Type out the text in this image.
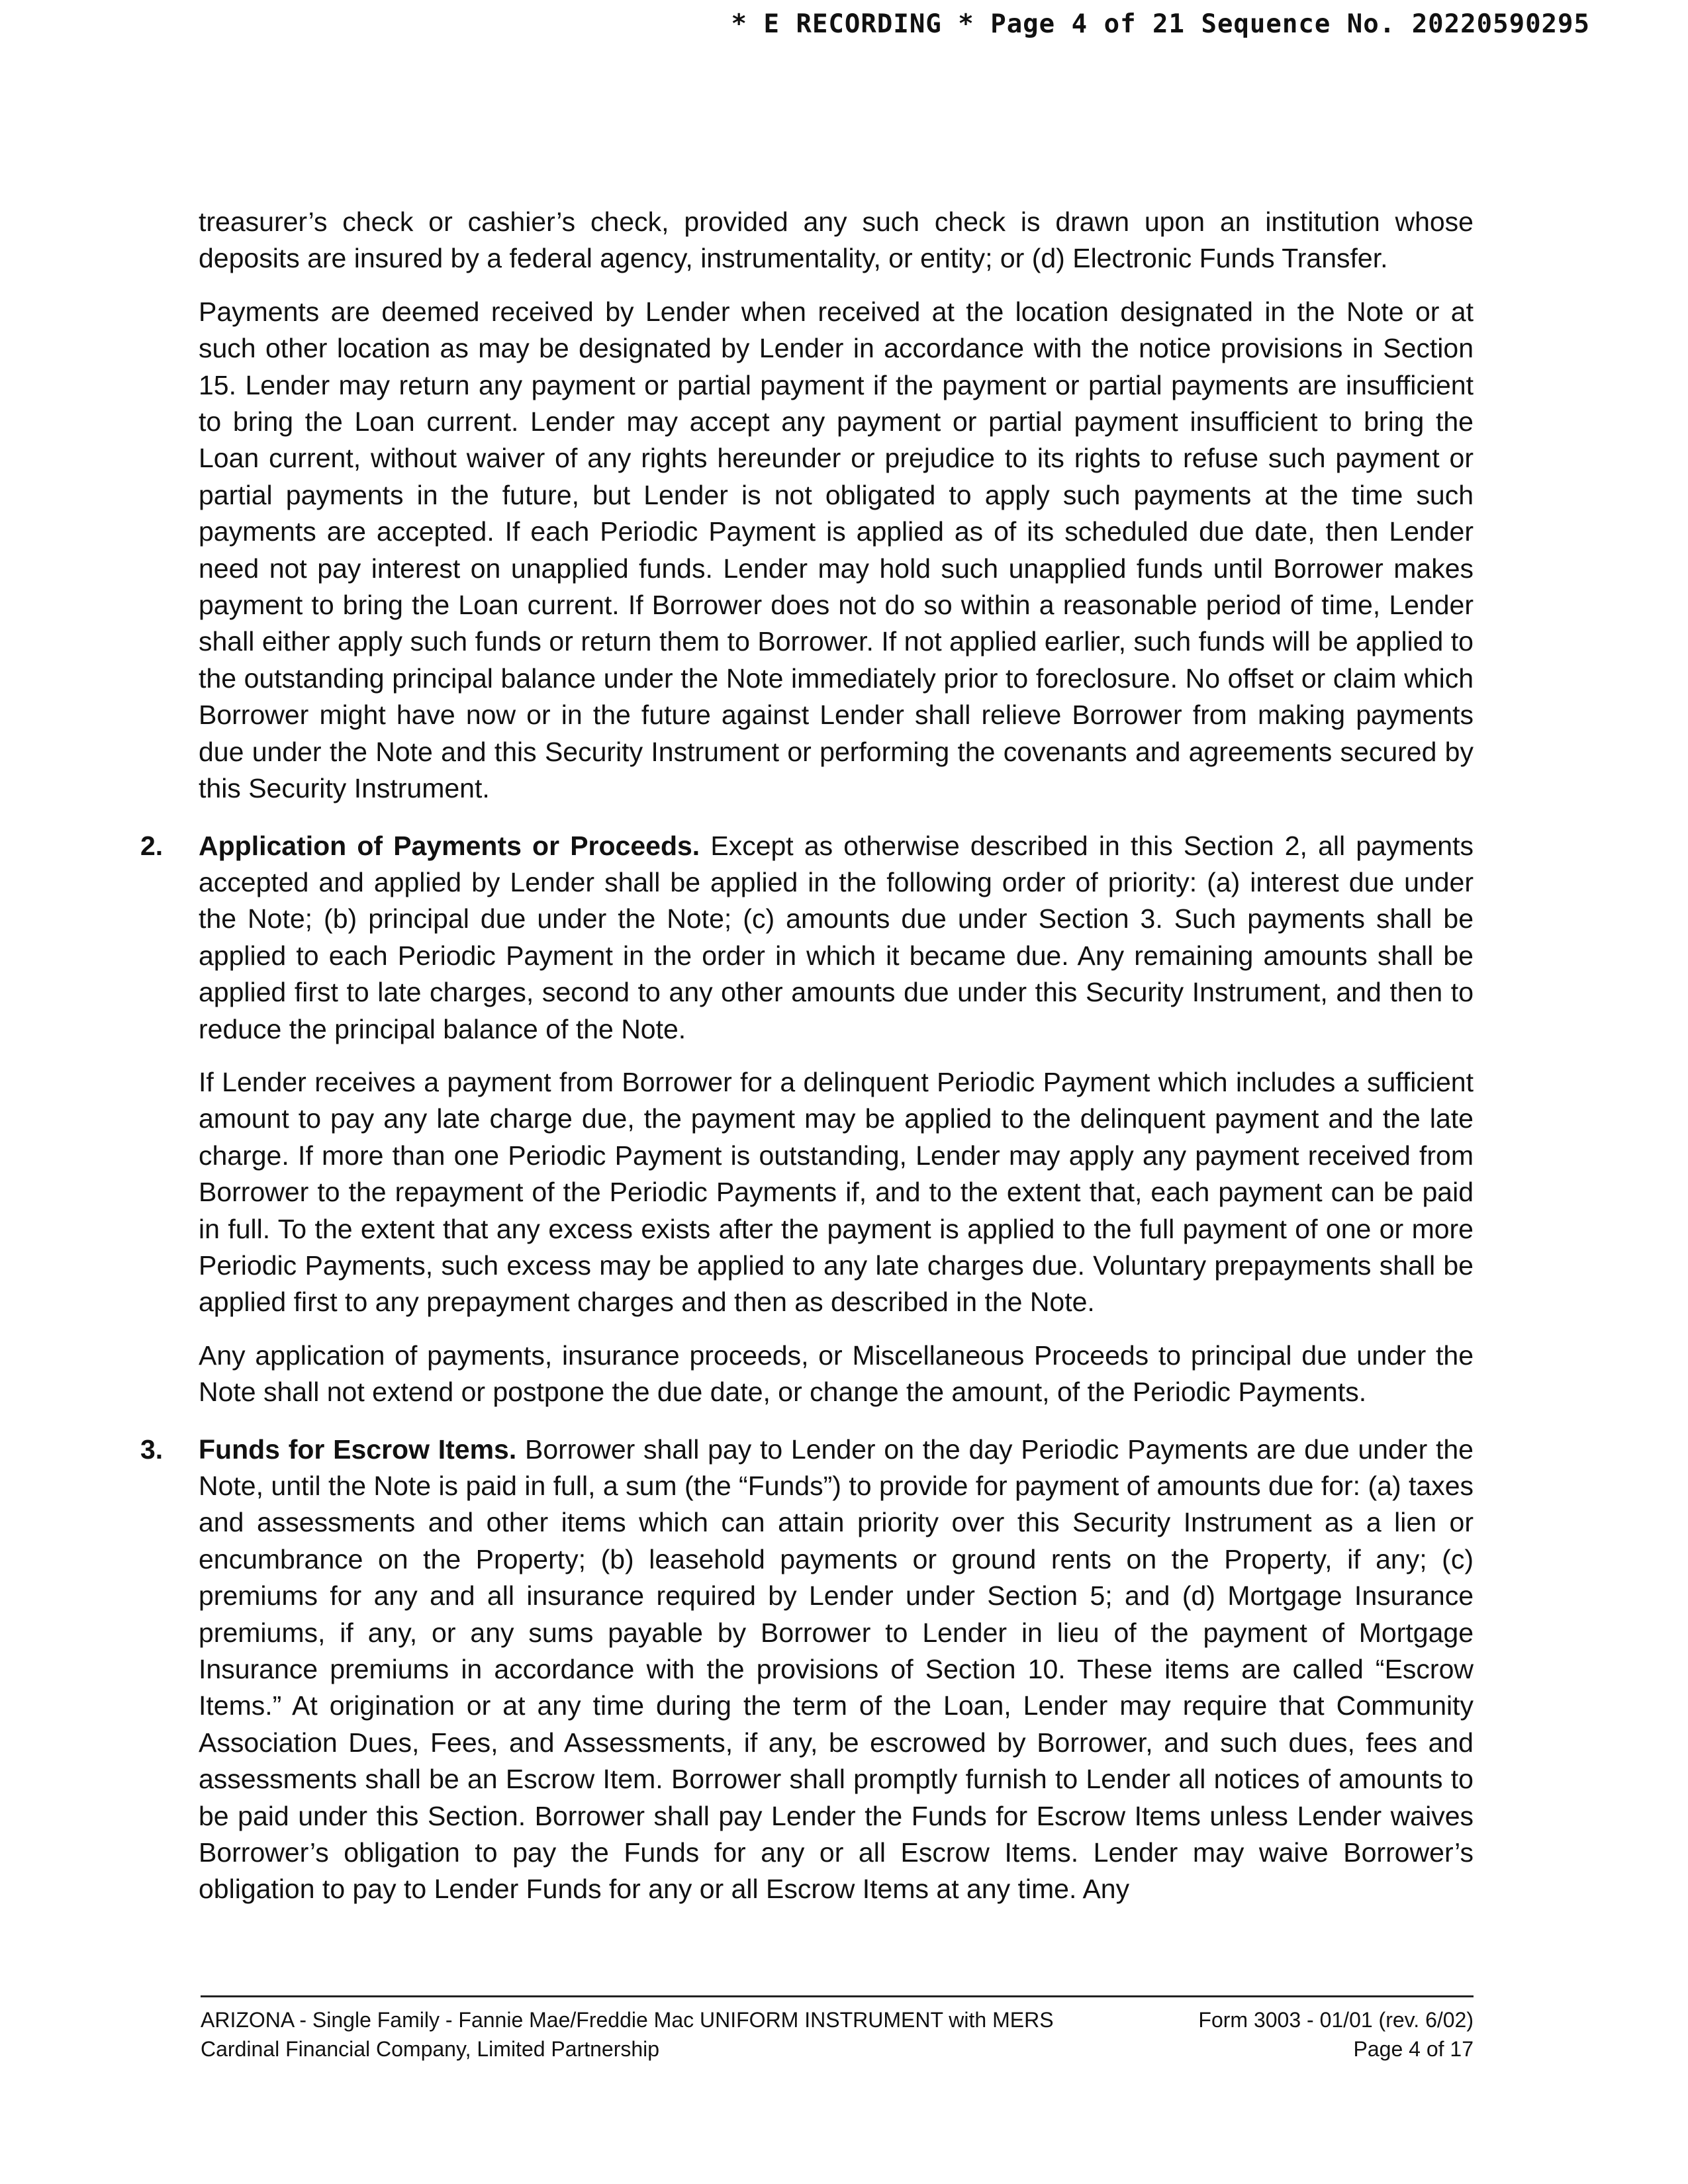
* E RECORDING * Page 4 of 21 Sequence No. 20220590295

treasurer’s check or cashier’s check, provided any such check is drawn upon an institution whose deposits are insured by a federal agency, instrumentality, or entity; or (d) Electronic Funds Transfer.

Payments are deemed received by Lender when received at the location designated in the Note or at such other location as may be designated by Lender in accordance with the notice provisions in Section 15. Lender may return any payment or partial payment if the payment or partial payments are insufficient to bring the Loan current. Lender may accept any payment or partial payment insufficient to bring the Loan current, without waiver of any rights hereunder or prejudice to its rights to refuse such payment or partial payments in the future, but Lender is not obligated to apply such payments at the time such payments are accepted. If each Periodic Payment is applied as of its scheduled due date, then Lender need not pay interest on unapplied funds. Lender may hold such unapplied funds until Borrower makes payment to bring the Loan current. If Borrower does not do so within a reasonable period of time, Lender shall either apply such funds or return them to Borrower. If not applied earlier, such funds will be applied to the outstanding principal balance under the Note immediately prior to foreclosure. No offset or claim which Borrower might have now or in the future against Lender shall relieve Borrower from making payments due under the Note and this Security Instrument or performing the covenants and agreements secured by this Security Instrument.

2. Application of Payments or Proceeds. Except as otherwise described in this Section 2, all payments accepted and applied by Lender shall be applied in the following order of priority: (a) interest due under the Note; (b) principal due under the Note; (c) amounts due under Section 3. Such payments shall be applied to each Periodic Payment in the order in which it became due. Any remaining amounts shall be applied first to late charges, second to any other amounts due under this Security Instrument, and then to reduce the principal balance of the Note.

If Lender receives a payment from Borrower for a delinquent Periodic Payment which includes a sufficient amount to pay any late charge due, the payment may be applied to the delinquent payment and the late charge. If more than one Periodic Payment is outstanding, Lender may apply any payment received from Borrower to the repayment of the Periodic Payments if, and to the extent that, each payment can be paid in full. To the extent that any excess exists after the payment is applied to the full payment of one or more Periodic Payments, such excess may be applied to any late charges due. Voluntary prepayments shall be applied first to any prepayment charges and then as described in the Note.

Any application of payments, insurance proceeds, or Miscellaneous Proceeds to principal due under the Note shall not extend or postpone the due date, or change the amount, of the Periodic Payments.

3. Funds for Escrow Items. Borrower shall pay to Lender on the day Periodic Payments are due under the Note, until the Note is paid in full, a sum (the “Funds”) to provide for payment of amounts due for: (a) taxes and assessments and other items which can attain priority over this Security Instrument as a lien or encumbrance on the Property; (b) leasehold payments or ground rents on the Property, if any; (c) premiums for any and all insurance required by Lender under Section 5; and (d) Mortgage Insurance premiums, if any, or any sums payable by Borrower to Lender in lieu of the payment of Mortgage Insurance premiums in accordance with the provisions of Section 10. These items are called “Escrow Items.” At origination or at any time during the term of the Loan, Lender may require that Community Association Dues, Fees, and Assessments, if any, be escrowed by Borrower, and such dues, fees and assessments shall be an Escrow Item. Borrower shall promptly furnish to Lender all notices of amounts to be paid under this Section. Borrower shall pay Lender the Funds for Escrow Items unless Lender waives Borrower’s obligation to pay the Funds for any or all Escrow Items. Lender may waive Borrower’s obligation to pay to Lender Funds for any or all Escrow Items at any time. Any

ARIZONA - Single Family - Fannie Mae/Freddie Mac UNIFORM INSTRUMENT with MERS
Cardinal Financial Company, Limited Partnership
Form 3003 - 01/01 (rev. 6/02)
Page 4 of 17
